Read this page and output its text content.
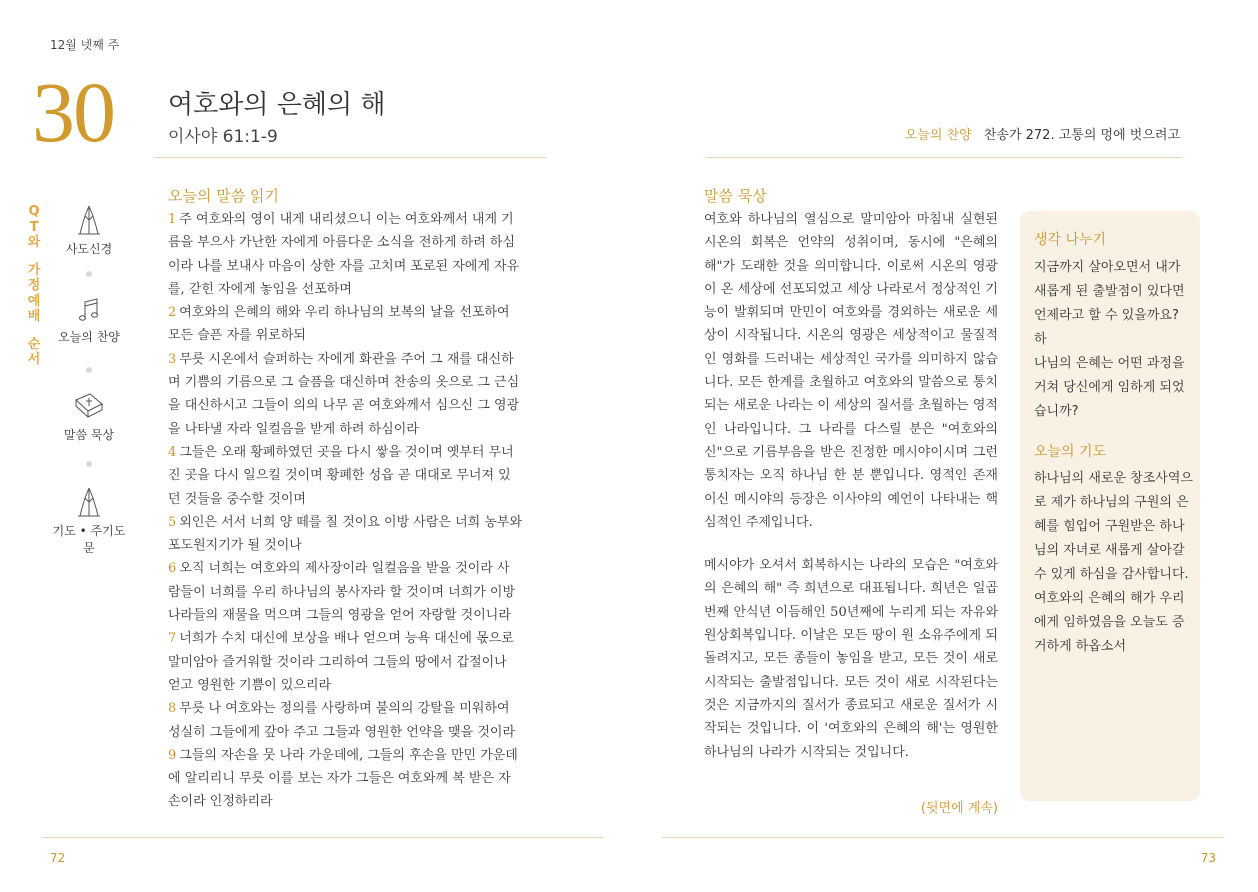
12월 넷째 주
30 여호와의 은혜의 해
이사야 61:1-9	오늘의 찬양 찬송가 272. 고통의 멍에 벗으려고
Q
T
와
가
정
예
배
순
서
사도신경
오늘의 찬양
말씀 묵상
기도 • 주기도문
오늘의 말씀 읽기
1 주 여호와의 영이 내게 내리셨으니 이는 여호와께서 내게 기
름을 부으사 가난한 자에게 아름다운 소식을 전하게 하려 하심
이라 나를 보내사 마음이 상한 자를 고치며 포로된 자에게 자유
를, 갇힌 자에게 놓임을 선포하며
2 여호와의 은혜의 해와 우리 하나님의 보복의 날을 선포하여
모든 슬픈 자를 위로하되
3 무릇 시온에서 슬퍼하는 자에게 화관을 주어 그 재를 대신하
며 기쁨의 기름으로 그 슬픔을 대신하며 찬송의 옷으로 그 근심
을 대신하시고 그들이 의의 나무 곧 여호와께서 심으신 그 영광
을 나타낼 자라 일컬음을 받게 하려 하심이라
4 그들은 오래 황폐하였던 곳을 다시 쌓을 것이며 옛부터 무너
진 곳을 다시 일으킬 것이며 황폐한 성읍 곧 대대로 무너져 있
던 것들을 중수할 것이며
5 외인은 서서 너희 양 떼를 칠 것이요 이방 사람은 너희 농부와
포도원지기가 될 것이나
6 오직 너희는 여호와의 제사장이라 일컬음을 받을 것이라 사
람들이 너희를 우리 하나님의 봉사자라 할 것이며 너희가 이방
나라들의 재물을 먹으며 그들의 영광을 얻어 자랑할 것이니라
7 너희가 수치 대신에 보상을 배나 얻으며 능욕 대신에 몫으로
말미암아 즐거워할 것이라 그리하여 그들의 땅에서 갑절이나
얻고 영원한 기쁨이 있으리라
8 무릇 나 여호와는 정의를 사랑하며 불의의 강탈을 미워하여
성실히 그들에게 갚아 주고 그들과 영원한 언약을 맺을 것이라
9 그들의 자손을 뭇 나라 가운데에, 그들의 후손을 만민 가운데
에 알리리니 무릇 이를 보는 자가 그들은 여호와께 복 받은 자
손이라 인정하리라
말씀 묵상

여호와 하나님의 열심으로 말미암아 마침내 실현된 시온의 회복은 언약의 성취이며, 동시에 "은혜의 해"가 도래한 것을 의미합니다. 이로써 시온의 영광이 온 세상에 선포되었고 세상 나라로서 정상적인 기능이 발휘되며 만민이 여호와를 경외하는 새로운 세상이 시작됩니다. 시온의 영광은 세상적이고 물질적인 영화를 드러내는 세상적인 국가를 의미하지 않습니다. 모든 한계를 초월하고 여호와의 말씀으로 통치되는 새로운 나라는 이 세상의 질서를 초월하는 영적인 나라입니다. 그 나라를 다스릴 분은 "여호와의 신"으로 기름부음을 받은 진정한 메시야이시며 그런 통치자는 오직 하나님 한 분 뿐입니다. 영적인 존재이신 메시야의 등장은 이사야의 예언이 나타내는 핵심적인 주제입니다.

메시야가 오셔서 회복하시는 나라의 모습은 "여호와의 은혜의 해" 즉 희년으로 대표됩니다. 희년은 일곱 번째 안식년 이듬해인 50년째에 누리게 되는 자유와 원상회복입니다. 이날은 모든 땅이 원 소유주에게 되돌려지고, 모든 종들이 놓임을 받고, 모든 것이 새로 시작되는 출발점입니다. 모든 것이 새로 시작된다는 것은 지금까지의 질서가 종료되고 새로운 질서가 시작되는 것입니다. 이 '여호와의 은혜의 해'는 영원한 하나님의 나라가 시작되는 것입니다.

(뒷면에 계속)
생각 나누기
지금까지 살아오면서 내가
새롭게 된 출발점이 있다면
언제라고 할 수 있을까요? 하
나님의 은혜는 어떤 과정을
거쳐 당신에게 임하게 되었
습니까?
오늘의 기도
하나님의 새로운 창조사역으
로 제가 하나님의 구원의 은
혜를 힘입어 구원받은 하나
님의 자녀로 새롭게 살아갈
수 있게 하심을 감사합니다.
여호와의 은혜의 해가 우리
에게 임하였음을 오늘도 증
거하게 하옵소서
72	73
